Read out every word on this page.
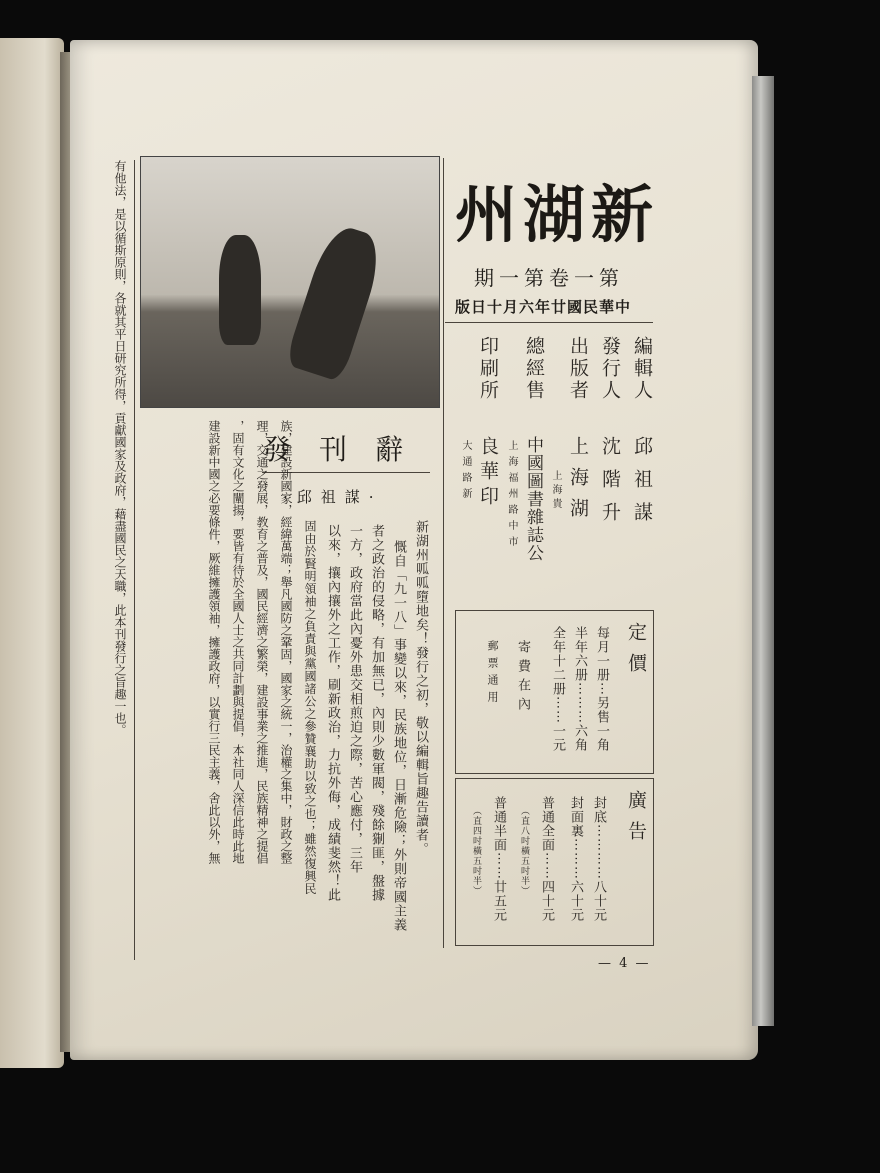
州湖新
期一第卷一第
版日十月六年廿國民華中
編輯人
邱祖謀
發行人
沈階升
出版者
上海湖
上海貴
總經售
中國圖書雜誌公
上海福州路中市
印刷所
良華印
大通路新
定價
每月一册⋯另售一角
半年六册⋯⋯⋯六角
全年十二册⋯⋯一元
寄費在內
郵票通用
廣告
封底⋯⋯⋯⋯八十元
封面裏⋯⋯⋯六十元
普通全面⋯⋯四十元
（直八吋橫五吋半）
普通半面⋯⋯廿五元
（直四吋橫五吋半）
發刊辭
·邱祖謀·
新湖州呱呱墮地矣！發行之初，敬以編輯旨趣告讀者。
慨自「九一八」事變以來，民族地位，日漸危險；外則帝國主義
者之政治的侵略，有加無已，內則少數軍閥，殘餘猘匪，盤據
一方，政府當此內憂外患交相煎迫之際，苦心應付，三年
以來，攘內攘外之工作，刷新政治，力抗外侮，成績斐然！此
固由於賢明領袖之負責與黨國諸公之參贊襄助以致之也；雖然復興民
族，建設新國家，經緯萬端；舉凡國防之鞏固，國家之統一，治權之集中，財政之整
理，交通之發展，教育之普及，國民經濟之繁榮，建設事業之推進，民族精神之提倡
，固有文化之闡揚，要皆有待於全國人士之共同計劃與提倡，本社同人深信此時此地
建設新中國之必要條件，厥維擁護領袖，擁護政府，以實行三民主義，舍此以外，無
有他法，是以循斯原則，各就其平日研究所得，貢獻國家及政府，藉盡國民之天職，此本刊發行之旨趣一也。
— 4 —
